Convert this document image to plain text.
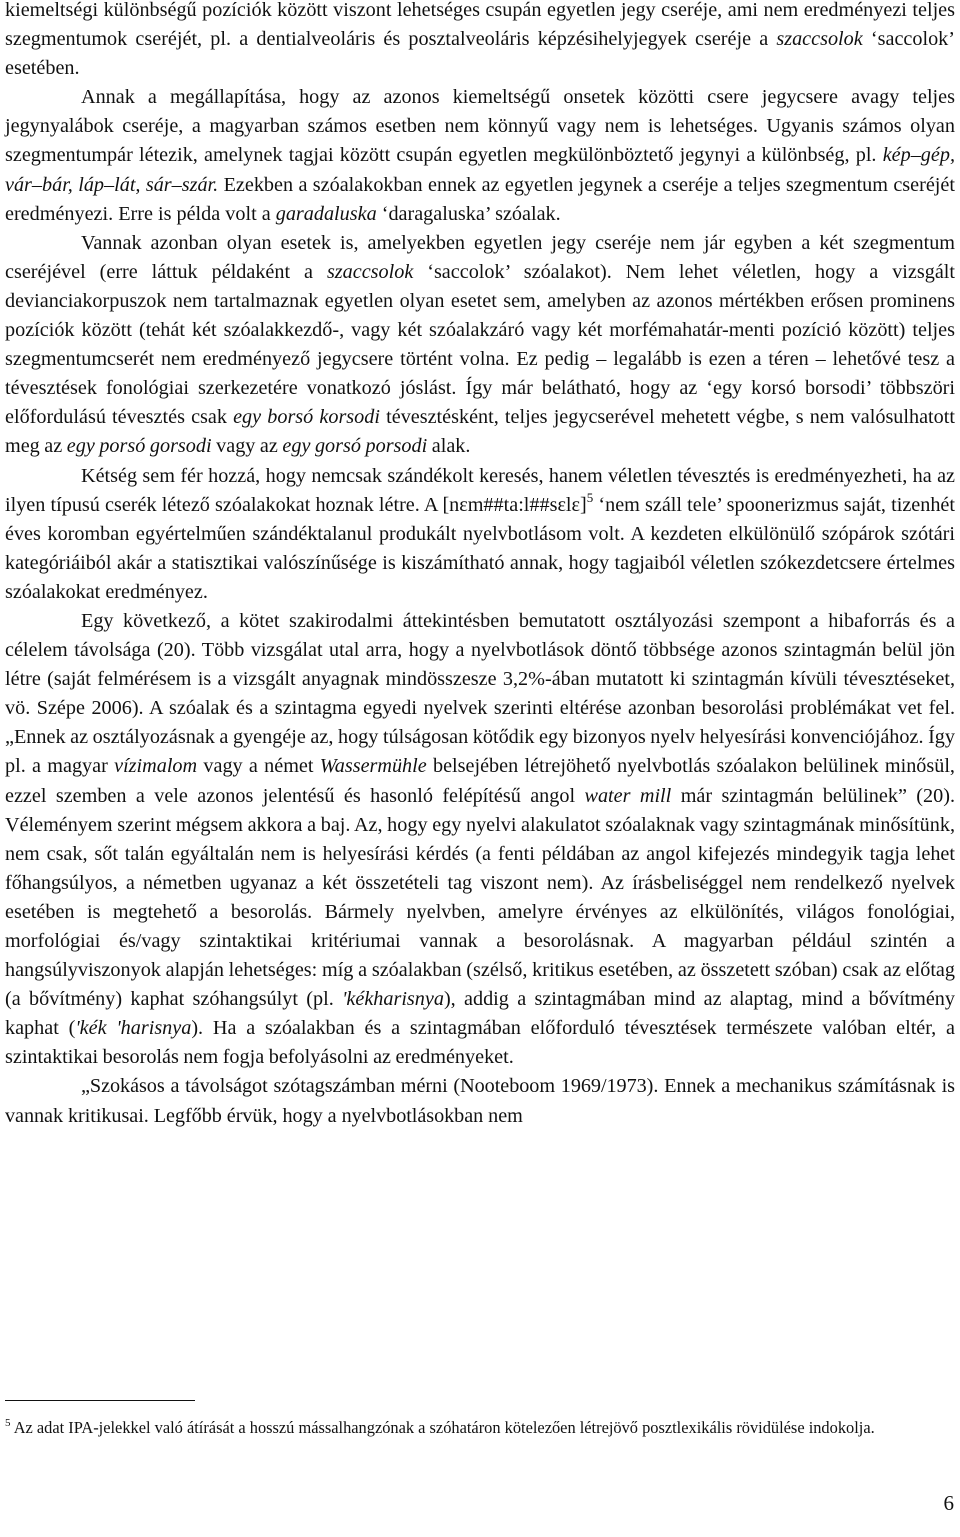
kiemeltségi különbségű pozíciók között viszont lehetséges csupán egyetlen jegy cseréje, ami nem eredményezi teljes szegmentumok cseréjét, pl. a dentialveoláris és posztalveoláris képzésihelyjegyek cseréje a szaccsolok ‘saccolok’ esetében.

Annak a megállapítása, hogy az azonos kiemeltségű onsetek közötti csere jegycsere avagy teljes jegynyalábok cseréje, a magyarban számos esetben nem könnyű vagy nem is lehetséges. Ugyanis számos olyan szegmentumpár létezik, amelynek tagjai között csupán egyetlen megkülönböztető jegynyi a különbség, pl. kép–gép, vár–bár, láp–lát, sár–szár. Ezekben a szóalakokban ennek az egyetlen jegynek a cseréje a teljes szegmentum cseréjét eredményezi. Erre is példa volt a garadaluska ‘daragaluska’ szóalak.

Vannak azonban olyan esetek is, amelyekben egyetlen jegy cseréje nem jár egyben a két szegmentum cseréjével (erre láttuk példaként a szaccsolok ‘saccolok’ szóalakot). Nem lehet véletlen, hogy a vizsgált devianciakorpuszok nem tartalmaznak egyetlen olyan esetet sem, amelyben az azonos mértékben erősen prominens pozíciók között (tehát két szóalakkezdő-, vagy két szóalakzáró vagy két morfémahatár-menti pozíció között) teljes szegmentumcserét nem eredményező jegycsere történt volna. Ez pedig – legalább is ezen a téren – lehetővé tesz a tévesztések fonológiai szerkezetére vonatkozó jóslást. Így már belátható, hogy az ‘egy korsó borsodi’ többszöri előfordulású tévesztés csak egy borsó korsodi tévesztésként, teljes jegycserével mehetett végbe, s nem valósulhatott meg az egy porsó gorsodi vagy az egy gorsó porsodi alak.

Kétség sem fér hozzá, hogy nemcsak szándékolt keresés, hanem véletlen tévesztés is eredményezheti, ha az ilyen típusú cserék létező szóalakokat hoznak létre. A [nεm##ta:l##sεlε]$^5$ ‘nem száll tele’ spoonerizmus saját, tizenhét éves koromban egyértelműen szándéktalanul produkált nyelvbotlásom volt. A kezdeten elkülönülő szópárok szótári kategóriáiból akár a statisztikai valószínűsége is kiszámítható annak, hogy tagjaiból véletlen szókezdetcsere értelmes szóalakokat eredményez.

Egy következő, a kötet szakirodalmi áttekintésben bemutatott osztályozási szempont a hibaforrás és a célelem távolsága (20). Több vizsgálat utal arra, hogy a nyelvbotlások döntő többsége azonos szintagmán belül jön létre (saját felmérésem is a vizsgált anyagnak mindösszesze 3,2%-ában mutatott ki szintagmán kívüli tévesztéseket, vö. Szépe 2006). A szóalak és a szintagma egyedi nyelvek szerinti eltérése azonban besorolási problémákat vet fel. „Ennek az osztályozásnak a gyengéje az, hogy túlságosan kötődik egy bizonyos nyelv helyesírási konvenciójához. Így pl. a magyar vízimalom vagy a német Wassermühle belsejében létrejöhető nyelvbotlás szóalakon belülinek minősül, ezzel szemben a vele azonos jelentésű és hasonló felépítésű angol water mill már szintagmán belülinek” (20). Véleményem szerint mégsem akkora a baj. Az, hogy egy nyelvi alakulatot szóalaknak vagy szintagmának minősítünk, nem csak, sőt talán egyáltalán nem is helyesírási kérdés (a fenti példában az angol kifejezés mindegyik tagja lehet főhangsúlyos, a németben ugyanaz a két összetételi tag viszont nem). Az írásbeliséggel nem rendelkező nyelvek esetében is megtehető a besorolás. Bármely nyelvben, amelyre érvényes az elkülönítés, világos fonológiai, morfológiai és/vagy szintaktikai kritériumai vannak a besorolásnak. A magyarban például szintén a hangsúlyviszonyok alapján lehetséges: míg a szóalakban (szélső, kritikus esetében, az összetett szóban) csak az előtag (a bővítmény) kaphat szóhangsúlyt (pl. 'kékharisnya), addig a szintagmában mind az alaptag, mind a bővítmény kaphat ('kék 'harisnya). Ha a szóalakban és a szintagmában előforduló tévesztések természete valóban eltér, a szintaktikai besorolás nem fogja befolyásolni az eredményeket.

„Szokásos a távolságot szótagszámban mérni (Nooteboom 1969/1973). Ennek a mechanikus számításnak is vannak kritikusai. Legfőbb érvük, hogy a nyelvbotlásokban nem

$^5$ Az adat IPA-jelekkel való átírását a hosszú mássalhangzónak a szóhatáron kötelezően létrejövő posztlexikális rövidülése indokolja.
6
